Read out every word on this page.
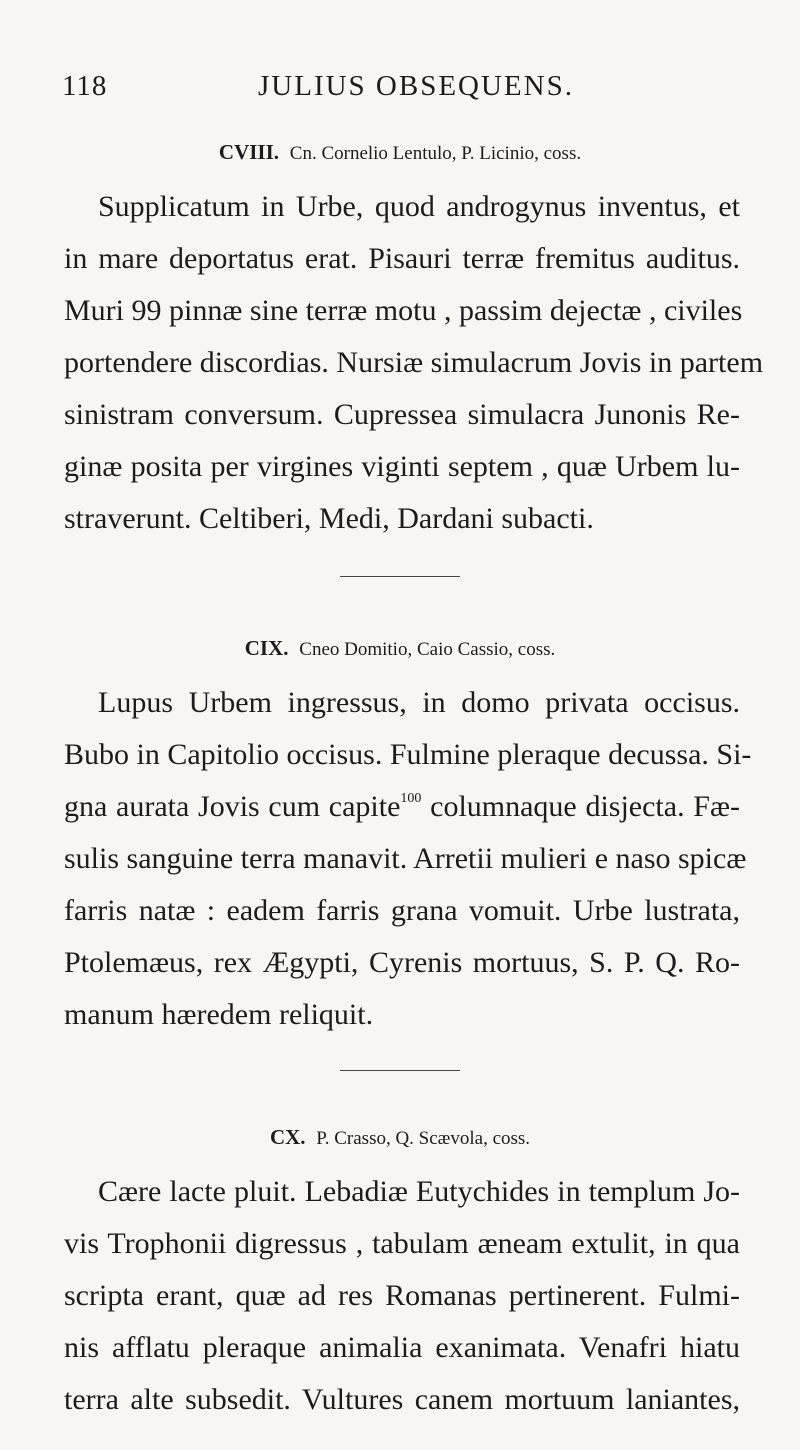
118	JULIUS OBSEQUENS.
CVIII. Cn. Cornelio Lentulo, P. Licinio, coss.
Supplicatum in Urbe, quod androgynus inventus, et
in mare deportatus erat. Pisauri terræ fremitus auditus.
Muri 99 pinnæ sine terræ motu , passim dejectæ , civiles
portendere discordias. Nursiæ simulacrum Jovis in partem
sinistram conversum. Cupressea simulacra Junonis Re-
ginæ posita per virgines viginti septem , quæ Urbem lu-
straverunt. Celtiberi, Medi, Dardani subacti.
CIX. Cneo Domitio, Caio Cassio, coss.
Lupus Urbem ingressus, in domo privata occisus.
Bubo in Capitolio occisus. Fulmine pleraque decussa. Si-
gna aurata Jovis cum capite$^{100}$ columnaque disjecta. Fæ-
sulis sanguine terra manavit. Arretii mulieri e naso spicæ
farris natæ : eadem farris grana vomuit. Urbe lustrata,
Ptolemæus, rex Ægypti, Cyrenis mortuus, S. P. Q. Ro-
manum hæredem reliquit.
CX. P. Crasso, Q. Scævola, coss.
Cære lacte pluit. Lebadiæ Eutychides in templum Jo-
vis Trophonii digressus , tabulam æneam extulit, in qua
scripta erant, quæ ad res Romanas pertinerent. Fulmi-
nis afflatu pleraque animalia exanimata. Venafri hiatu
terra alte subsedit. Vultures canem mortuum laniantes,
